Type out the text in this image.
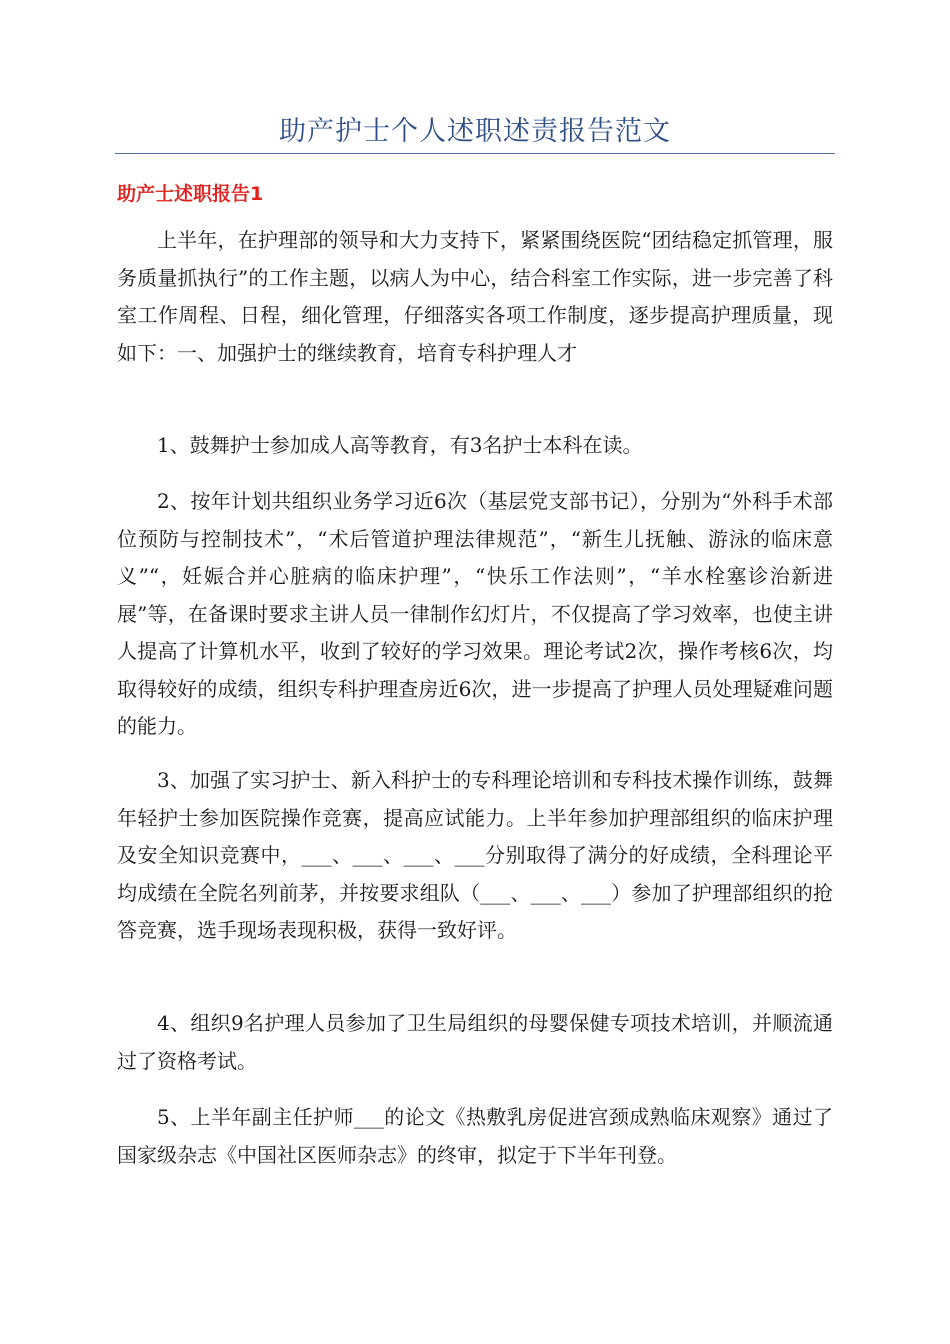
助产护士个人述职述责报告范文
助产士述职报告1

上半年，在护理部的领导和大力支持下，紧紧围绕医院“团结稳定抓管理，服务质量抓执行”的工作主题，以病人为中心，结合科室工作实际，进一步完善了科室工作周程、日程，细化管理，仔细落实各项工作制度，逐步提高护理质量，现如下：一、加强护士的继续教育，培育专科护理人才

1、鼓舞护士参加成人高等教育，有3名护士本科在读。

2、按年计划共组织业务学习近6次（基层党支部书记），分别为“外科手术部位预防与控制技术”，“术后管道护理法律规范”，“新生儿抚触、游泳的临床意义”“，妊娠合并心脏病的临床护理”，“快乐工作法则”，“羊水栓塞诊治新进展”等，在备课时要求主讲人员一律制作幻灯片，不仅提高了学习效率，也使主讲人提高了计算机水平，收到了较好的学习效果。理论考试2次，操作考核6次，均取得较好的成绩，组织专科护理查房近6次，进一步提高了护理人员处理疑难问题的能力。

3、加强了实习护士、新入科护士的专科理论培训和专科技术操作训练，鼓舞年轻护士参加医院操作竞赛，提高应试能力。上半年参加护理部组织的临床护理及安全知识竞赛中，___、___、___、___分别取得了满分的好成绩，全科理论平均成绩在全院名列前茅，并按要求组队（___、___、___）参加了护理部组织的抢答竞赛，选手现场表现积极，获得一致好评。

4、组织9名护理人员参加了卫生局组织的母婴保健专项技术培训，并顺流通过了资格考试。

5、上半年副主任护师___的论文《热敷乳房促进宫颈成熟临床观察》通过了国家级杂志《中国社区医师杂志》的终审，拟定于下半年刊登。
